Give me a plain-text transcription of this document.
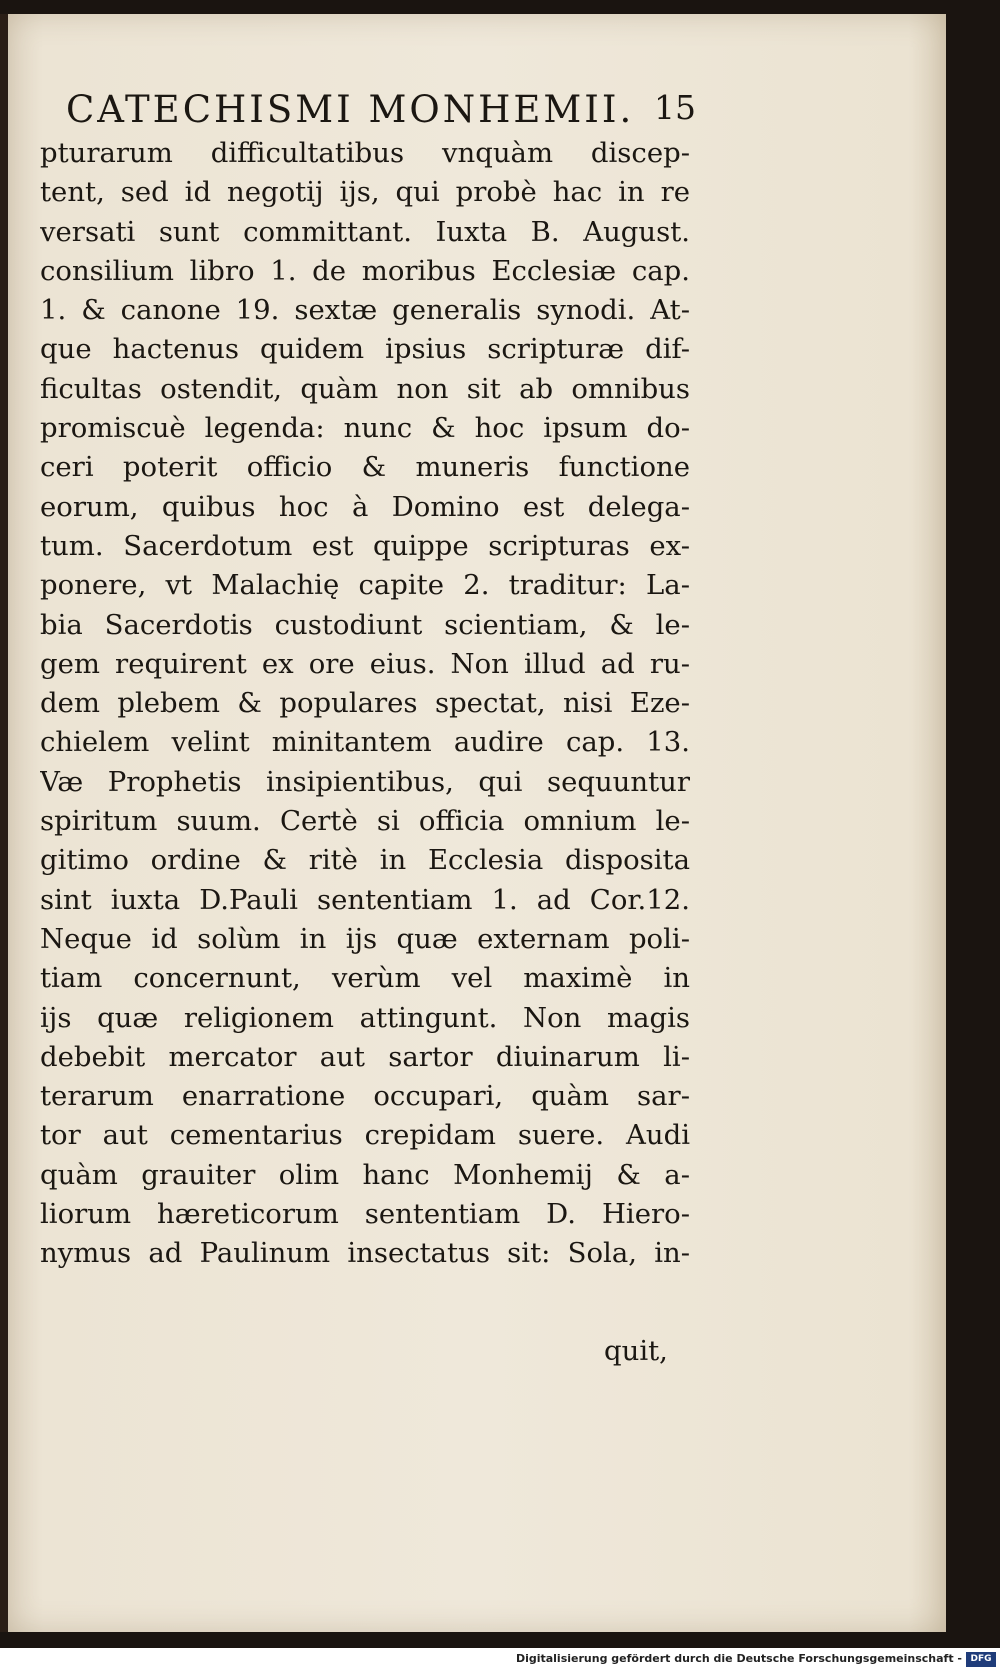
CATECHISMI MONHEMII. 15
pturarum difficultatibus vnquàm discep-
tent, sed id negotij ijs, qui probè hac in re
versati sunt committant. Iuxta B. August.
consilium libro 1. de moribus Ecclesiæ cap.
1. & canone 19. sextæ generalis synodi. At-
que hactenus quidem ipsius scripturæ dif-
ficultas ostendit, quàm non sit ab omnibus
promiscuè legenda: nunc & hoc ipsum do-
ceri poterit officio & muneris functione
eorum, quibus hoc à Domino est delega-
tum. Sacerdotum est quippe scripturas ex-
ponere, vt Malachię capite 2. traditur: La-
bia Sacerdotis custodiunt scientiam, & le-
gem requirent ex ore eius. Non illud ad ru-
dem plebem & populares spectat, nisi Eze-
chielem velint minitantem audire cap. 13.
Væ Prophetis insipientibus, qui sequuntur
spiritum suum. Certè si officia omnium le-
gitimo ordine & ritè in Ecclesia disposita
sint iuxta D.Pauli sententiam 1. ad Cor.12.
Neque id solùm in ijs quæ externam poli-
tiam concernunt, verùm vel maximè in
ijs quæ religionem attingunt. Non magis
debebit mercator aut sartor diuinarum li-
terarum enarratione occupari, quàm sar-
tor aut cementarius crepidam suere. Audi
quàm grauiter olim hanc Monhemij & a-
liorum hæreticorum sententiam D. Hiero-
nymus ad Paulinum insectatus sit: Sola, in-
quit,
Digitalisierung gefördert durch die Deutsche Forschungsgemeinschaft - DFG
